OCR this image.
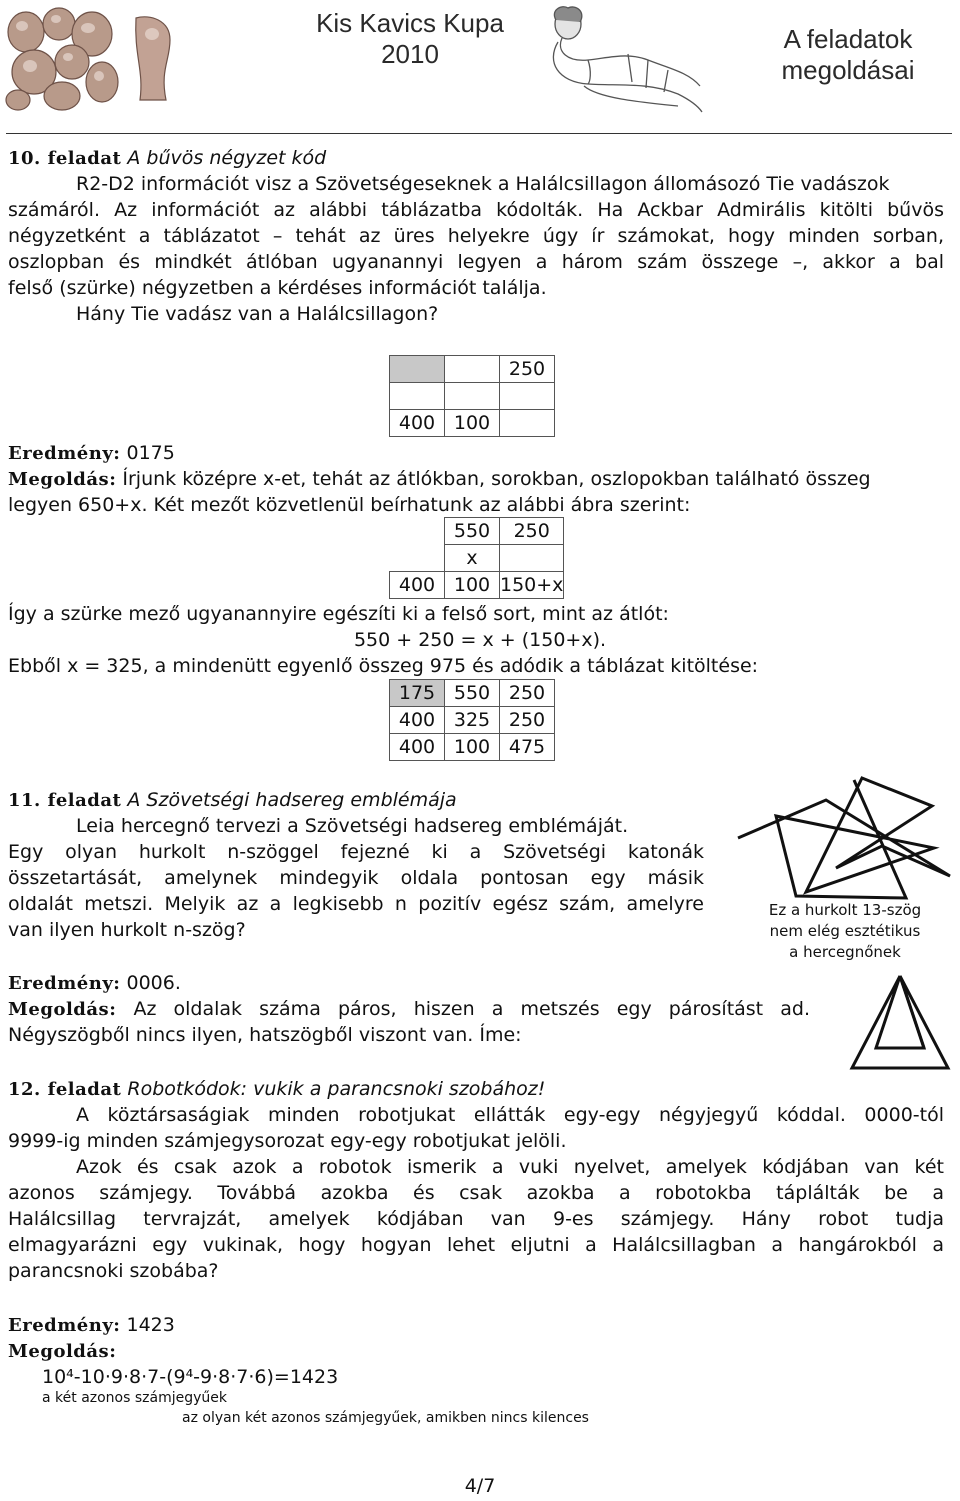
Kis Kavics Kupa
2010	A feladatok
megoldásai
10. feladat A bűvös négyzet kód
R2-D2 információt visz a Szövetségeseknek a Halálcsillagon állomásozó Tie vadászok
számáról. Az információt az alábbi táblázatba kódolták. Ha Ackbar Admirális kitölti bűvös
négyzetként a táblázatot – tehát az üres helyekre úgy ír számokat, hogy minden sorban,
oszlopban és mindkét átlóban ugyanannyi legyen a három szám összege –, akkor a bal
felső (szürke) négyzetben a kérdéses információt találja.
Hány Tie vadász van a Halálcsillagon?
		250

400	100	
Eredmény: 0175
Megoldás: Írjunk középre x-et, tehát az átlókban, sorokban, oszlopokban található összeg
legyen 650+x. Két mezőt közvetlenül beírhatunk az alábbi ábra szerint:
	550	250
	x	
400	100	150+x
Így a szürke mező ugyanannyire egészíti ki a felső sort, mint az átlót:
550 + 250 = x + (150+x).
Ebből x = 325, a mindenütt egyenlő összeg 975 és adódik a táblázat kitöltése:
175	550	250
400	325	250
400	100	475
11. feladat A Szövetségi hadsereg emblémája
Leia hercegnő tervezi a Szövetségi hadsereg emblémáját.
Egy olyan hurkolt n-szöggel fejezné ki a Szövetségi katonák
összetartását, amelynek mindegyik oldala pontosan egy másik
oldalát metszi. Melyik az a legkisebb n pozitív egész szám, amelyre
van ilyen hurkolt n-szög?
Ez a hurkolt 13-szög
nem elég esztétikus
a hercegnőnek
Eredmény: 0006.
Megoldás: Az oldalak száma páros, hiszen a metszés egy párosítást ad.
Négyszögből nincs ilyen, hatszögből viszont van. Íme:
12. feladat Robotkódok: vukik a parancsnoki szobához!
A köztársaságiak minden robotjukat ellátták egy-egy négyjegyű kóddal. 0000-tól
9999-ig minden számjegysorozat egy-egy robotjukat jelöli.
Azok és csak azok a robotok ismerik a vuki nyelvet, amelyek kódjában van két
azonos számjegy. Továbbá azokba és csak azokba a robotokba táplálták be a
Halálcsillag tervrajzát, amelyek kódjában van 9-es számjegy. Hány robot tudja
elmagyarázni egy vukinak, hogy hogyan lehet eljutni a Halálcsillagban a hangárokból a
parancsnoki szobába?
Eredmény: 1423
Megoldás:
10⁴-10⋅9⋅8⋅7-(9⁴-9⋅8⋅7⋅6)=1423
a két azonos számjegyűek
az olyan két azonos számjegyűek, amikben nincs kilences
4/7
